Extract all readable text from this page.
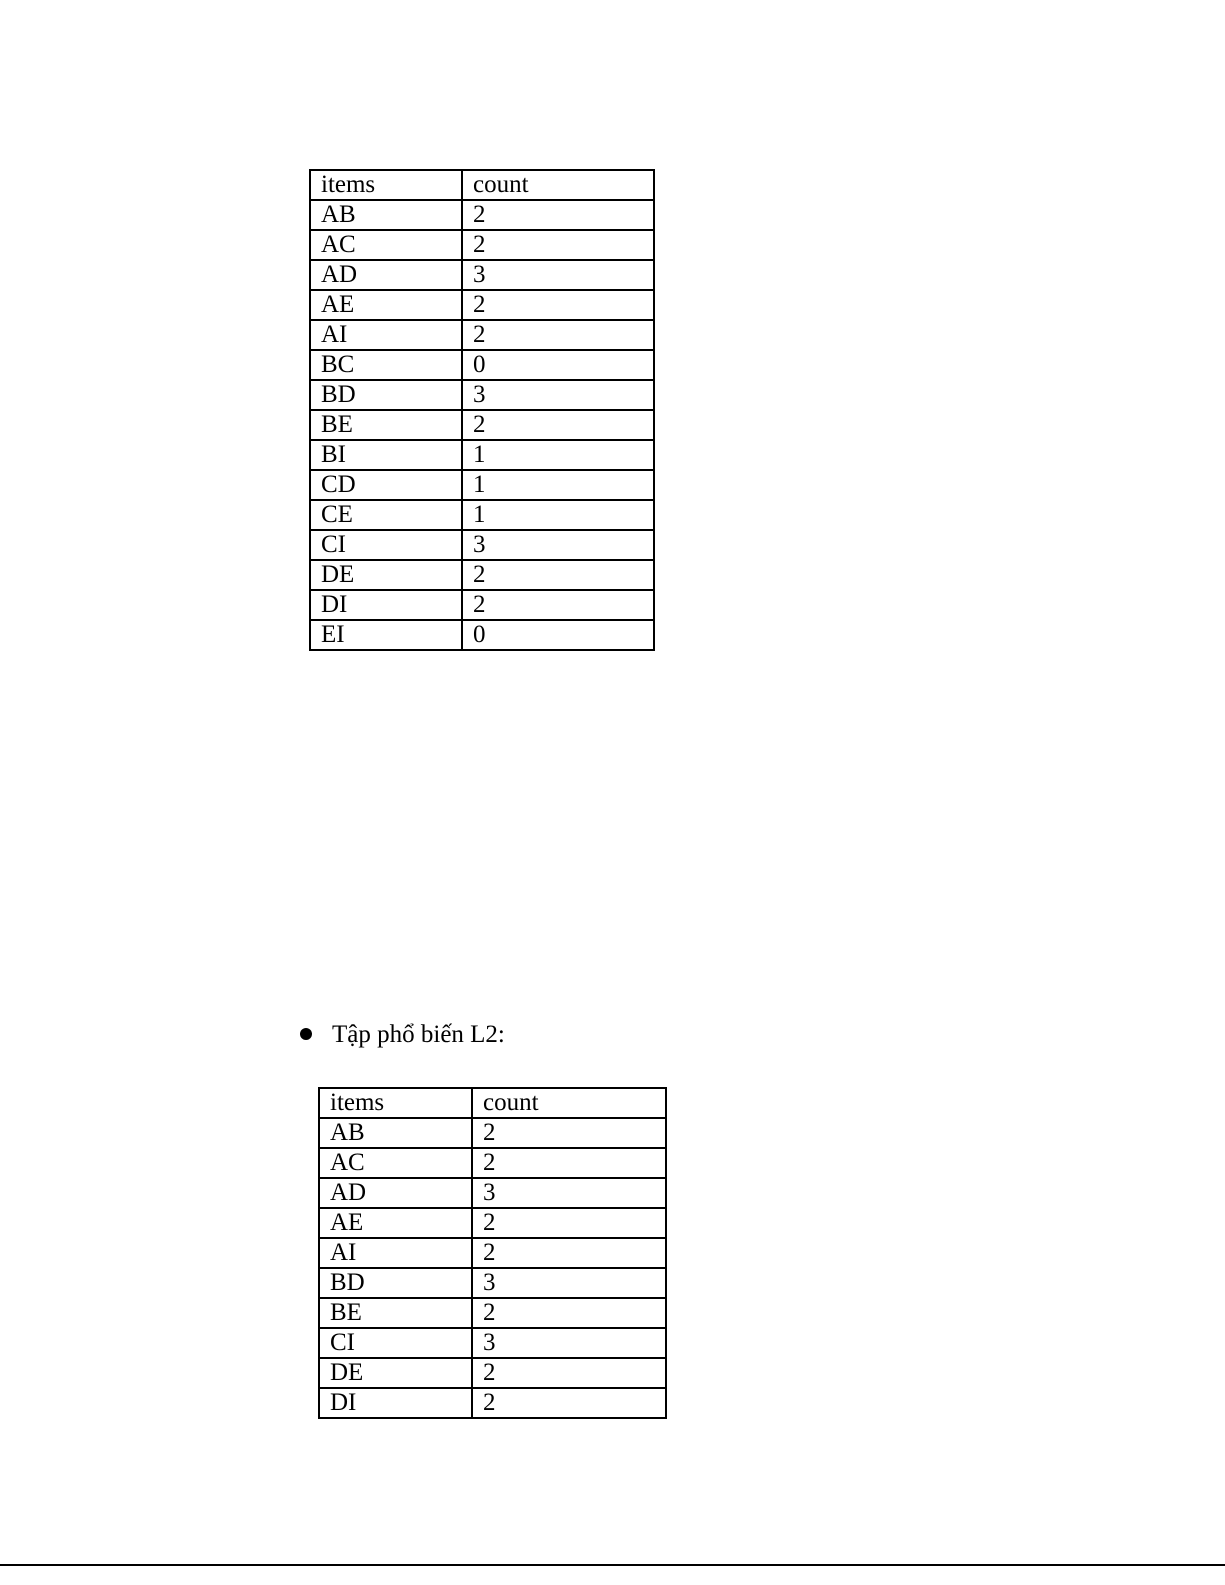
items	count
AB	2
AC	2
AD	3
AE	2
AI	2
BC	0
BD	3
BE	2
BI	1
CD	1
CE	1
CI	3
DE	2
DI	2
EI	0
Tập phổ biến L2:
items	count
AB	2
AC	2
AD	3
AE	2
AI	2
BD	3
BE	2
CI	3
DE	2
DI	2
